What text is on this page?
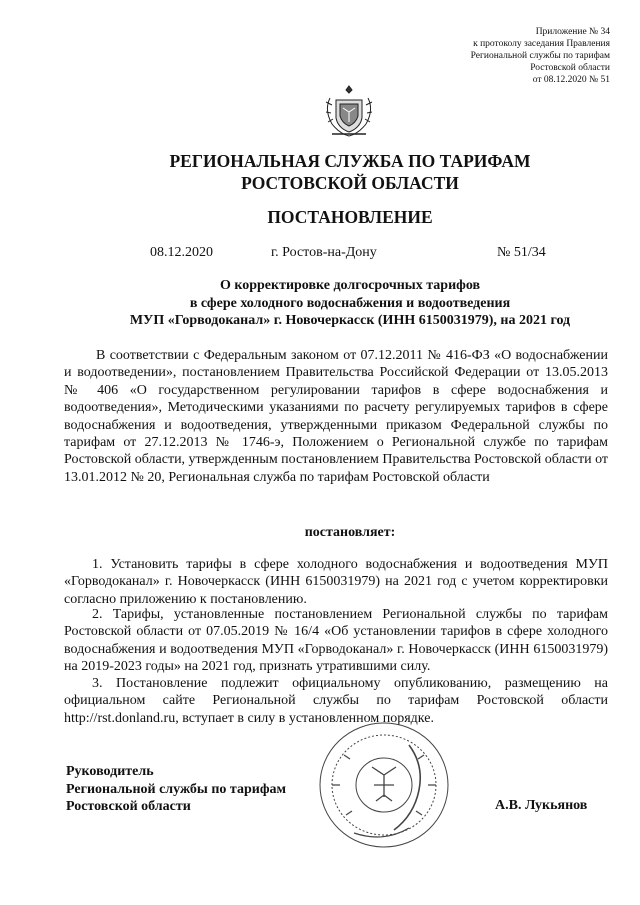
Приложение № 34
к протоколу заседания Правления
Региональной службы по тарифам
Ростовской области
от 08.12.2020 № 51
РЕГИОНАЛЬНАЯ СЛУЖБА ПО ТАРИФАМ
РОСТОВСКОЙ ОБЛАСТИ
ПОСТАНОВЛЕНИЕ
08.12.2020	г. Ростов-на-Дону	№ 51/34
О корректировке долгосрочных тарифов
в сфере холодного водоснабжения и водоотведения
МУП «Горводоканал» г. Новочеркасск (ИНН 6150031979), на 2021 год
В соответствии с Федеральным законом от 07.12.2011 № 416-ФЗ «О водоснабжении и водоотведении», постановлением Правительства Российской Федерации от 13.05.2013 № 406 «О государственном регулировании тарифов в сфере водоснабжения и водоотведения», Методическими указаниями по расчету регулируемых тарифов в сфере водоснабжения и водоотведения, утвержденными приказом Федеральной службы по тарифам от 27.12.2013 № 1746-э, Положением о Региональной службе по тарифам Ростовской области, утвержденным постановлением Правительства Ростовской области от 13.01.2012 № 20, Региональная служба по тарифам Ростовской области
постановляет:
1. Установить тарифы в сфере холодного водоснабжения и водоотведения МУП «Горводоканал» г. Новочеркасск (ИНН 6150031979) на 2021 год с учетом корректировки согласно приложению к постановлению.
2. Тарифы, установленные постановлением Региональной службы по тарифам Ростовской области от 07.05.2019 № 16/4 «Об установлении тарифов в сфере холодного водоснабжения и водоотведения МУП «Горводоканал» г. Новочеркасск (ИНН 6150031979) на 2019-2023 годы» на 2021 год, признать утратившими силу.
3. Постановление подлежит официальному опубликованию, размещению на официальном сайте Региональной службы по тарифам Ростовской области http://rst.donland.ru, вступает в силу в установленном порядке.
Руководитель
Региональной службы по тарифам
Ростовской области	А.В. Лукьянов
